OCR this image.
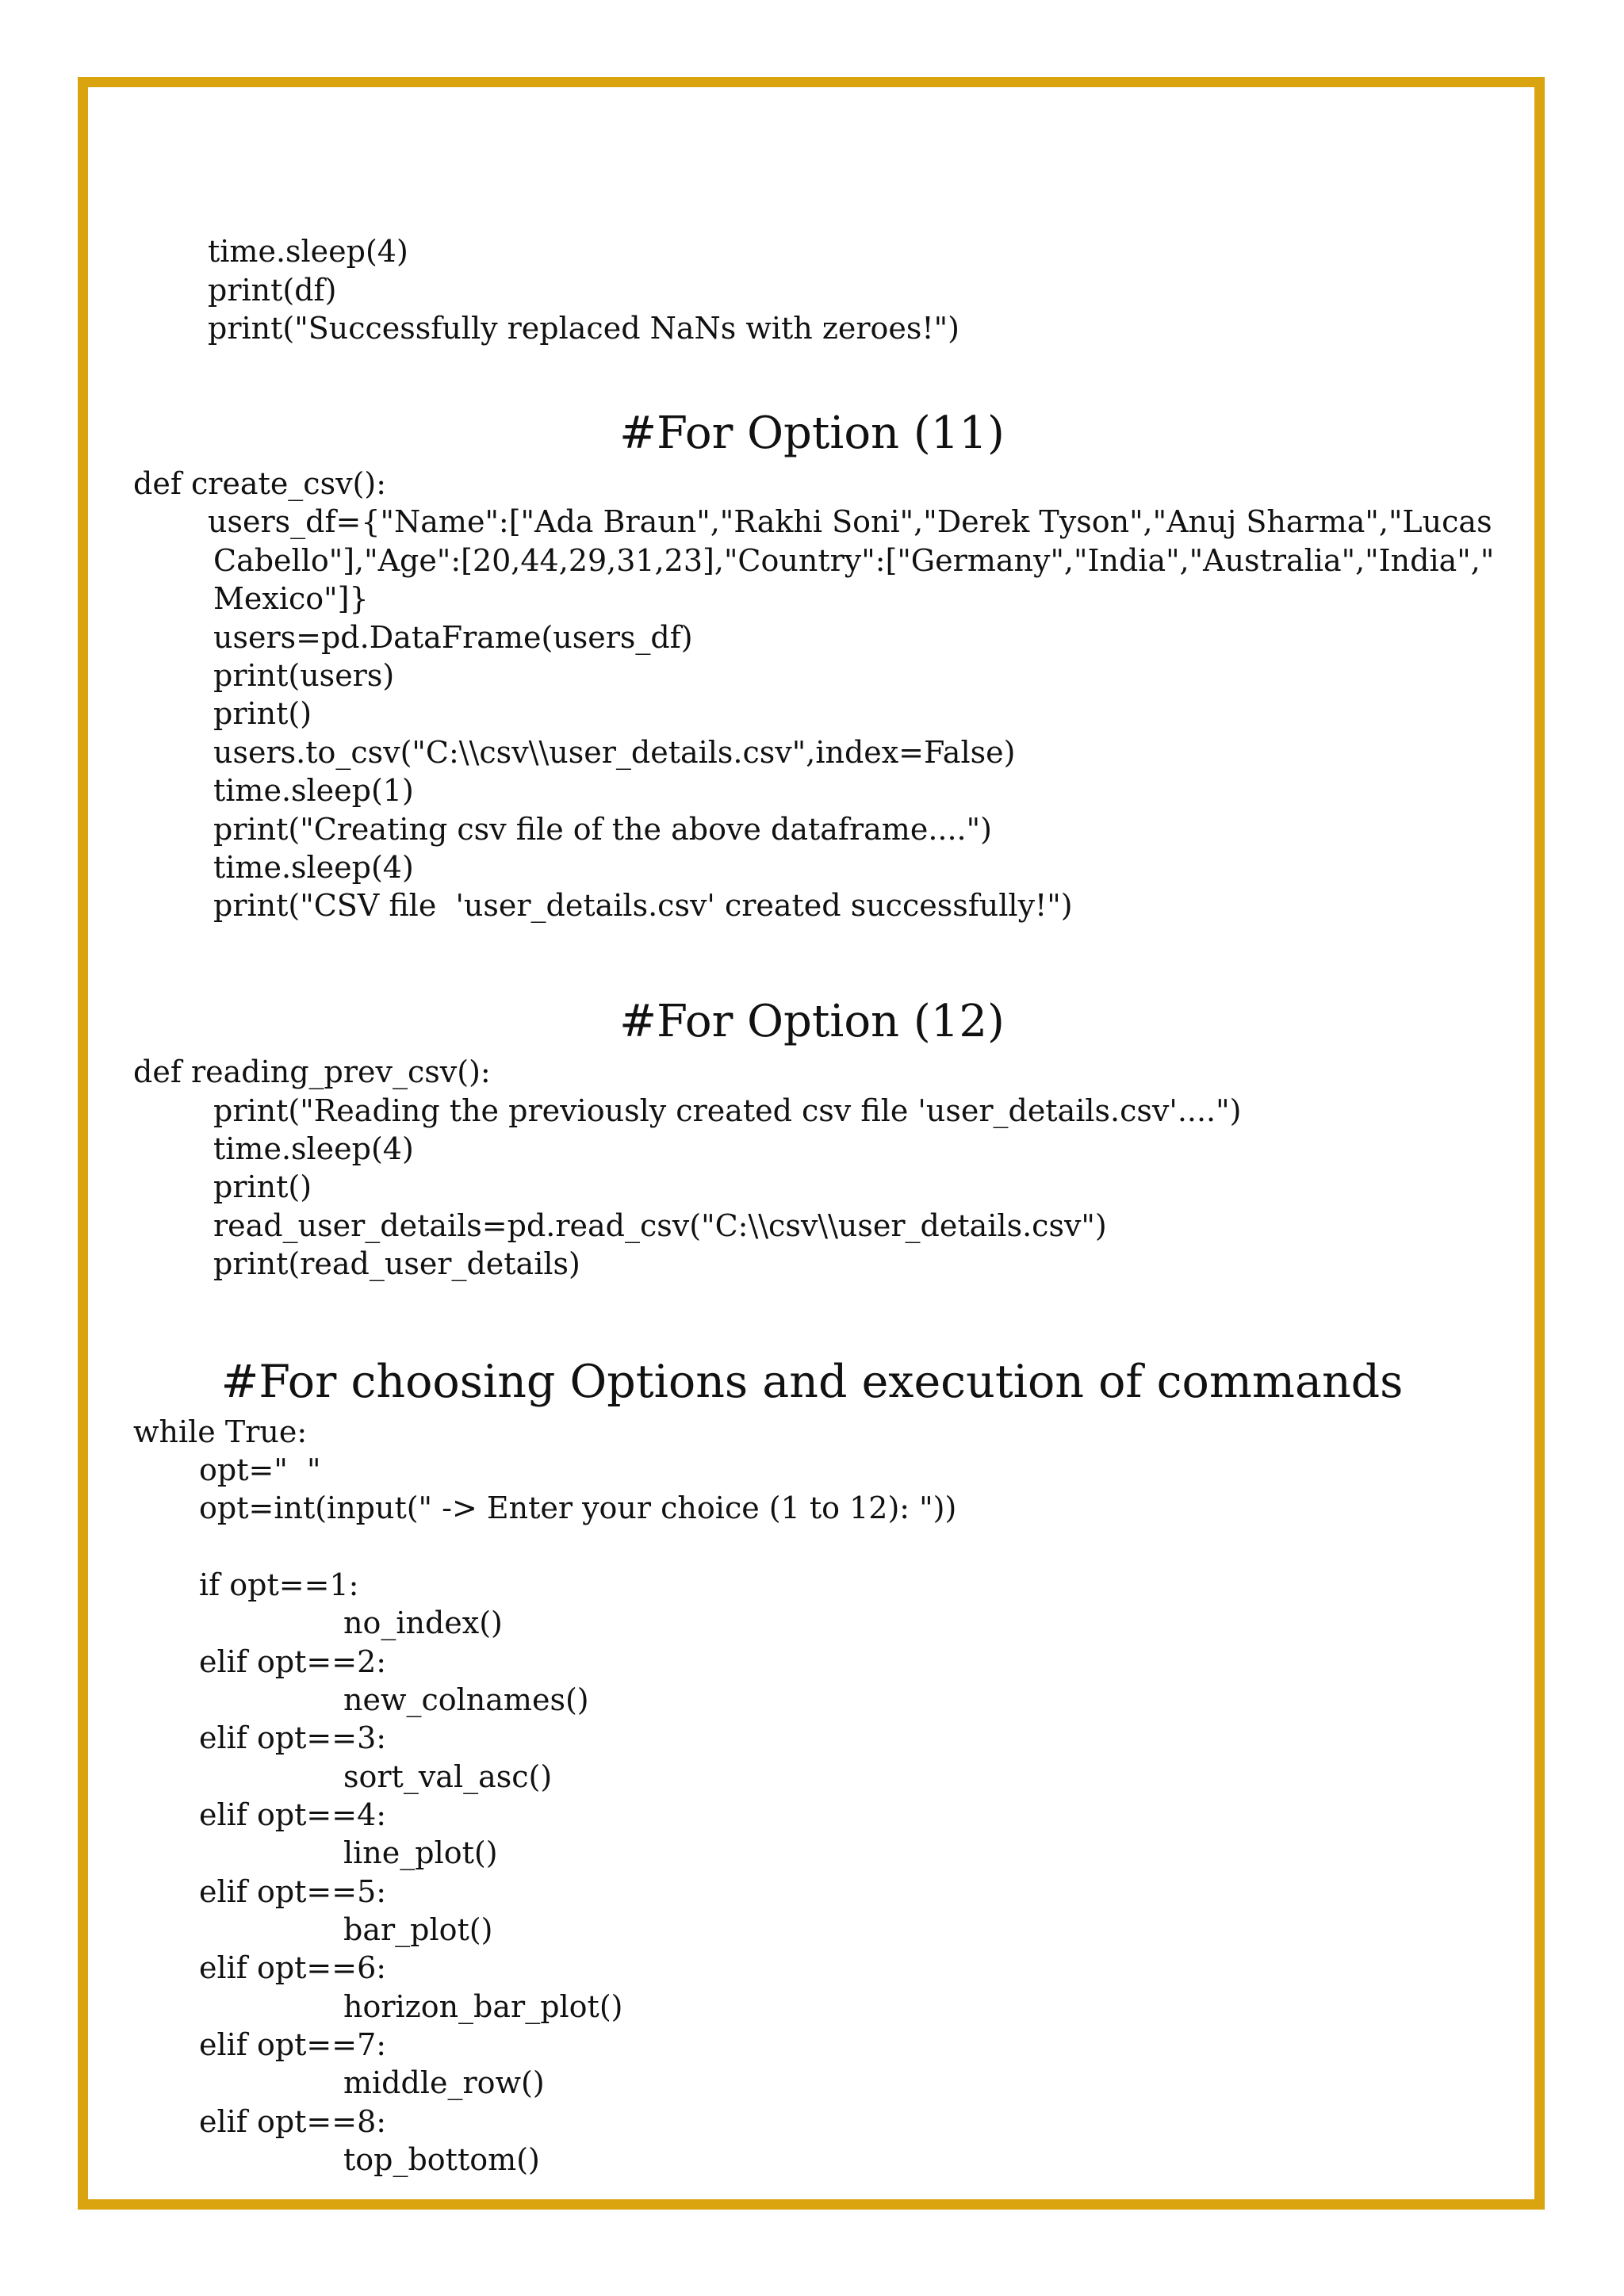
time.sleep(4)
print(df)
print("Successfully replaced NaNs with zeroes!")
#For Option (11)
def create_csv():
users_df={"Name":["Ada Braun","Rakhi Soni","Derek Tyson","Anuj Sharma","Lucas
Cabello"],"Age":[20,44,29,31,23],"Country":["Germany","India","Australia","India","
Mexico"]}
users=pd.DataFrame(users_df)
print(users)
print()
users.to_csv("C:\\csv\\user_details.csv",index=False)
time.sleep(1)
print("Creating csv file of the above dataframe....")
time.sleep(4)
print("CSV file  'user_details.csv' created successfully!")
#For Option (12)
def reading_prev_csv():
print("Reading the previously created csv file 'user_details.csv'....")
time.sleep(4)
print()
read_user_details=pd.read_csv("C:\\csv\\user_details.csv")
print(read_user_details)
#For choosing Options and execution of commands
while True:
opt="  "
opt=int(input(" -> Enter your choice (1 to 12): "))
if opt==1:
no_index()
elif opt==2:
new_colnames()
elif opt==3:
sort_val_asc()
elif opt==4:
line_plot()
elif opt==5:
bar_plot()
elif opt==6:
horizon_bar_plot()
elif opt==7:
middle_row()
elif opt==8:
top_bottom()
